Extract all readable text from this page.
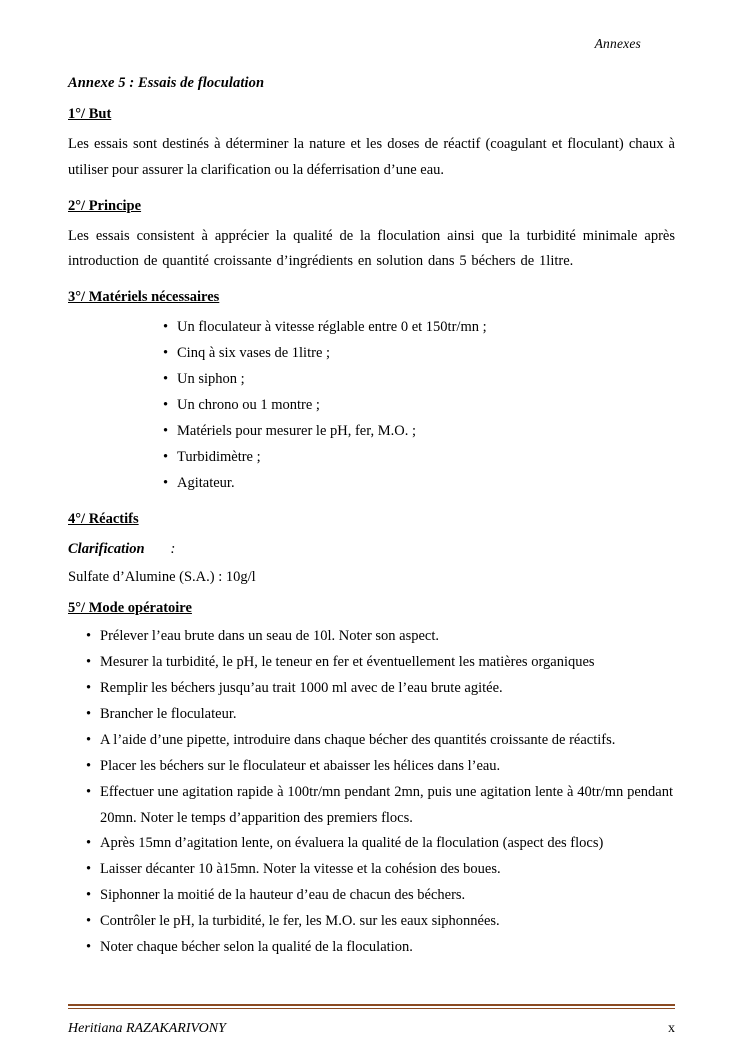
Annexes
Annexe 5 : Essais de floculation
1°/ But
Les essais sont destinés à déterminer la nature et les doses de réactif (coagulant et floculant) chaux à utiliser pour assurer la clarification ou la déferrisation d’une eau.
2°/ Principe
Les essais consistent à apprécier la qualité de la floculation ainsi que la turbidité minimale après introduction de quantité croissante d’ingrédients en solution dans 5 béchers de 1litre.
3°/ Matériels nécessaires
• Un floculateur à vitesse réglable entre 0 et 150tr/mn ;
• Cinq à six vases de 1litre ;
• Un siphon ;
• Un chrono ou 1 montre ;
• Matériels pour mesurer le pH, fer, M.O. ;
• Turbidimètre ;
• Agitateur.
4°/ Réactifs
Clarification :
Sulfate d’Alumine (S.A.) : 10g/l
5°/ Mode opératoire
• Prélever l’eau brute dans un seau de 10l. Noter son aspect.
• Mesurer la turbidité, le pH, le teneur en fer et éventuellement les matières organiques
• Remplir les béchers jusqu’au trait 1000 ml avec de l’eau brute agitée.
• Brancher le floculateur.
• A l’aide d’une pipette, introduire dans chaque bécher des quantités croissante de réactifs.
• Placer les béchers sur le floculateur et abaisser les hélices dans l’eau.
• Effectuer une agitation rapide à 100tr/mn pendant 2mn, puis une agitation lente à 40tr/mn pendant 20mn. Noter le temps d’apparition des premiers flocs.
• Après 15mn d’agitation lente, on évaluera la qualité de la floculation (aspect des flocs)
• Laisser décanter 10 à15mn. Noter la vitesse et la cohésion des boues.
• Siphonner la moitié de la hauteur d’eau de chacun des béchers.
• Contrôler le pH, la turbidité, le fer, les M.O. sur les eaux siphonnées.
• Noter chaque bécher selon la qualité de la floculation.
Heritiana RAZAKARIVONY	x
